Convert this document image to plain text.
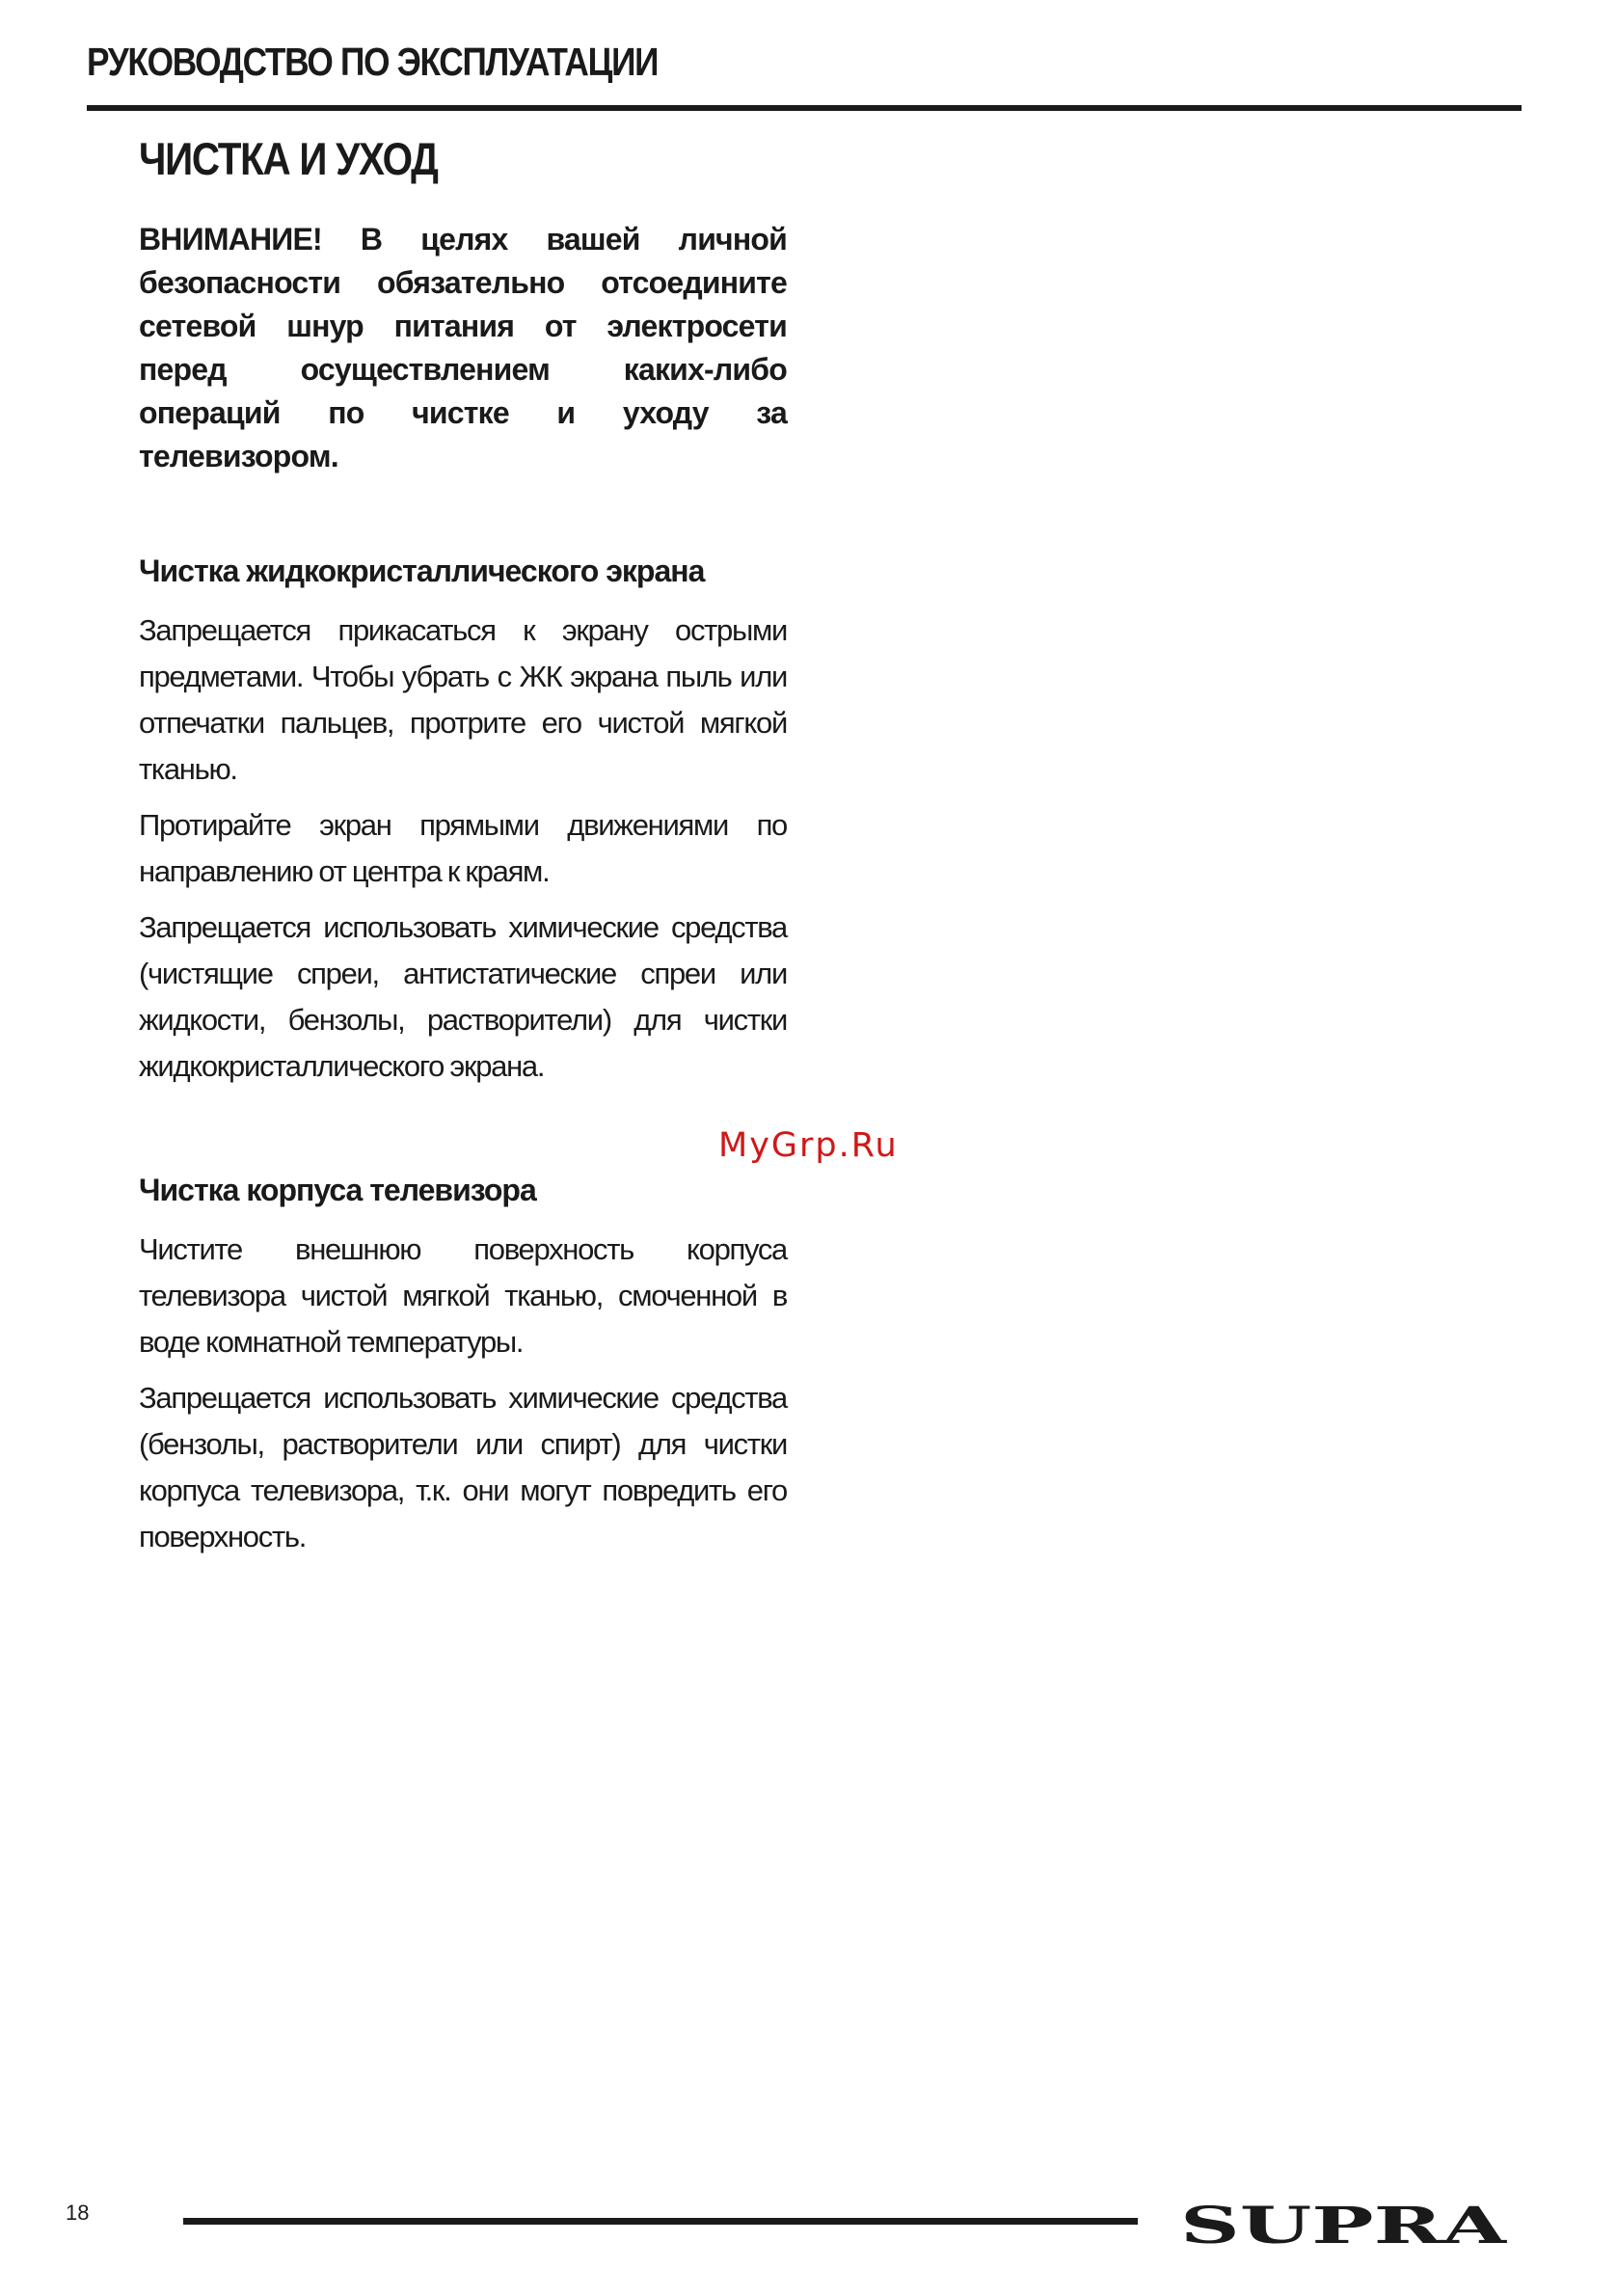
РУКОВОДСТВО ПО ЭКСПЛУАТАЦИИ
ЧИСТКА И УХОД

ВНИМАНИЕ! В целях вашей личной безопасности обязательно отсоедините сетевой шнур питания от электросети перед осуществлением каких-либо операций по чистке и уходу за телевизором.

Чистка жидкокристаллического экрана

Запрещается прикасаться к экрану острыми предметами. Чтобы убрать с ЖК экрана пыль или отпечатки пальцев, протрите его чистой мягкой тканью.

Протирайте экран прямыми движениями по направлению от центра к краям.

Запрещается использовать химические средства (чистящие спреи, антистатические спреи или жидкости, бензолы, растворители) для чистки жидкокристаллического экрана.

Чистка корпуса телевизора

Чистите внешнюю поверхность корпуса телевизора чистой мягкой тканью, смоченной в воде комнатной температуры.

Запрещается использовать химические средства (бензолы, растворители или спирт) для чистки корпуса телевизора, т.к. они могут повредить его поверхность.

MyGrp.Ru
18	SUPRA
